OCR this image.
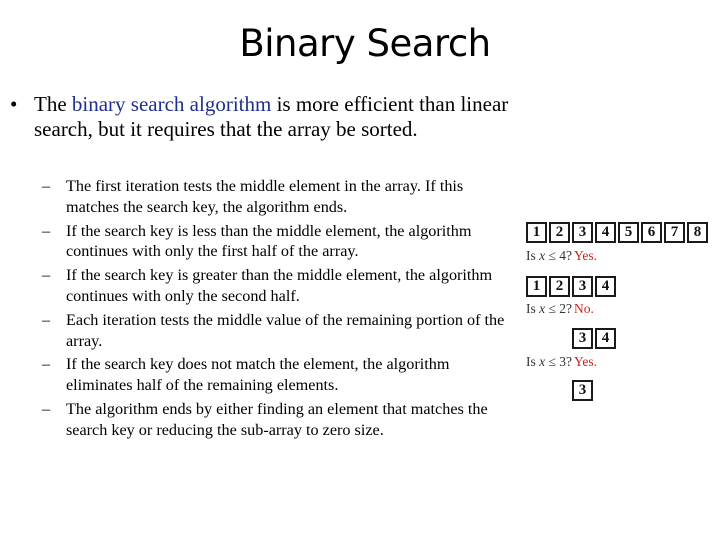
Binary Search
• The binary search algorithm is more efficient than linear search, but it requires that the array be sorted.
– The first iteration tests the middle element in the array. If this matches the search key, the algorithm ends.
– If the search key is less than the middle element, the algorithm continues with only the first half of the array.
– If the search key is greater than the middle element, the algorithm continues with only the second half.
– Each iteration tests the middle value of the remaining portion of the array.
– If the search key does not match the element, the algorithm eliminates half of the remaining elements.
– The algorithm ends by either finding an element that matches the search key or reducing the sub-array to zero size.
1	2	3	4	5	6	7	8
Is x ≤ 4? Yes.
1	2	3	4
Is x ≤ 2? No.
3	4
Is x ≤ 3? Yes.
3
